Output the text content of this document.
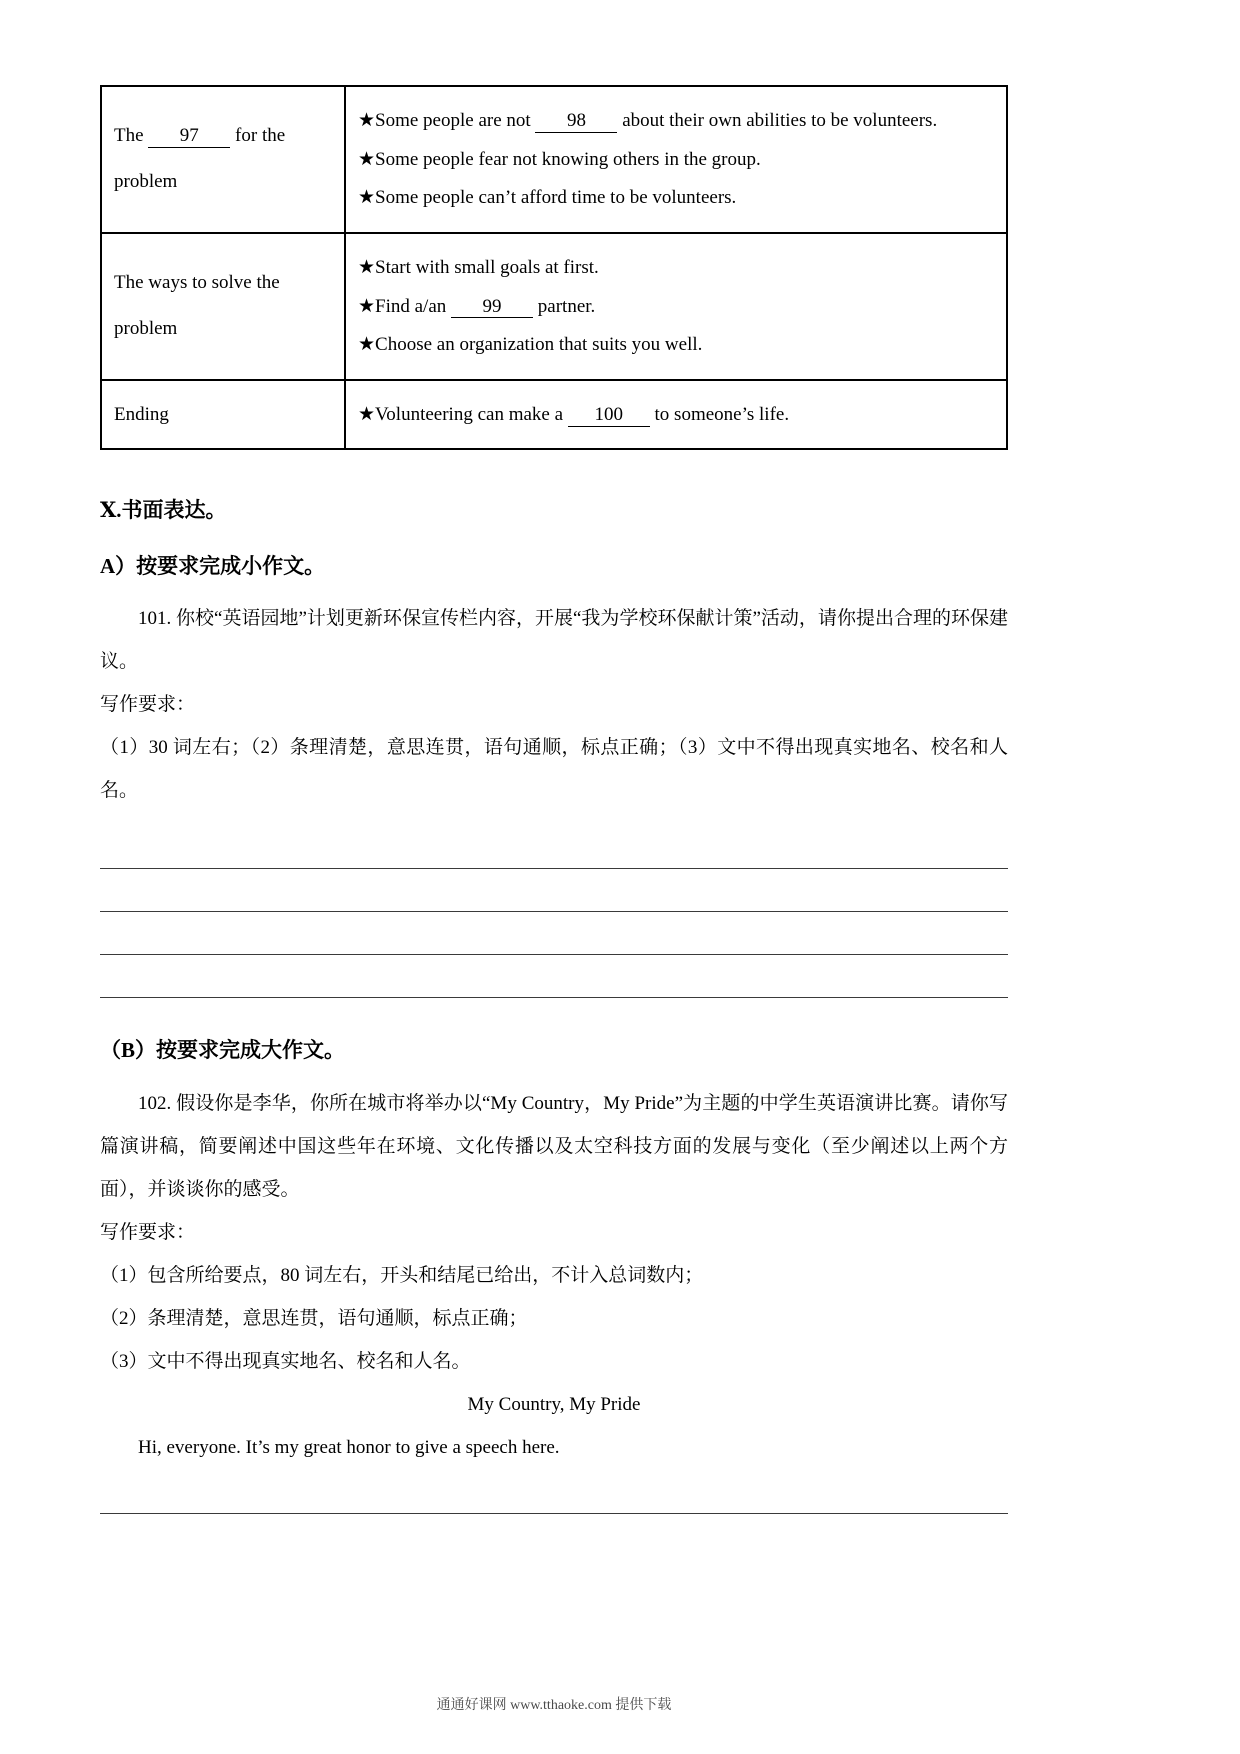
The 97 for the problem	★Some people are not 98 about their own abilities to be volunteers.

★Some people fear not knowing others in the group.

★Some people can’t afford time to be volunteers.

The ways to solve the problem	★Start with small goals at first.

★Find a/an 99 partner.

★Choose an organization that suits you well.

Ending	★Volunteering can make a 100 to someone’s life.

Ⅹ.书面表达。

A）按要求完成小作文。

101. 你校“英语园地”计划更新环保宣传栏内容，开展“我为学校环保献计策”活动，请你提出合理的环保建议。

写作要求：

（1）30 词左右；（2）条理清楚，意思连贯，语句通顺，标点正确；（3）文中不得出现真实地名、校名和人名。

（B）按要求完成大作文。

102. 假设你是李华，你所在城市将举办以“My Country，My Pride”为主题的中学生英语演讲比赛。请你写篇演讲稿，简要阐述中国这些年在环境、文化传播以及太空科技方面的发展与变化（至少阐述以上两个方面），并谈谈你的感受。

写作要求：

（1）包含所给要点，80 词左右，开头和结尾已给出，不计入总词数内；

（2）条理清楚，意思连贯，语句通顺，标点正确；

（3）文中不得出现真实地名、校名和人名。

My Country, My Pride

Hi, everyone. It’s my great honor to give a speech here.

通通好课网 www.tthaoke.com 提供下载
